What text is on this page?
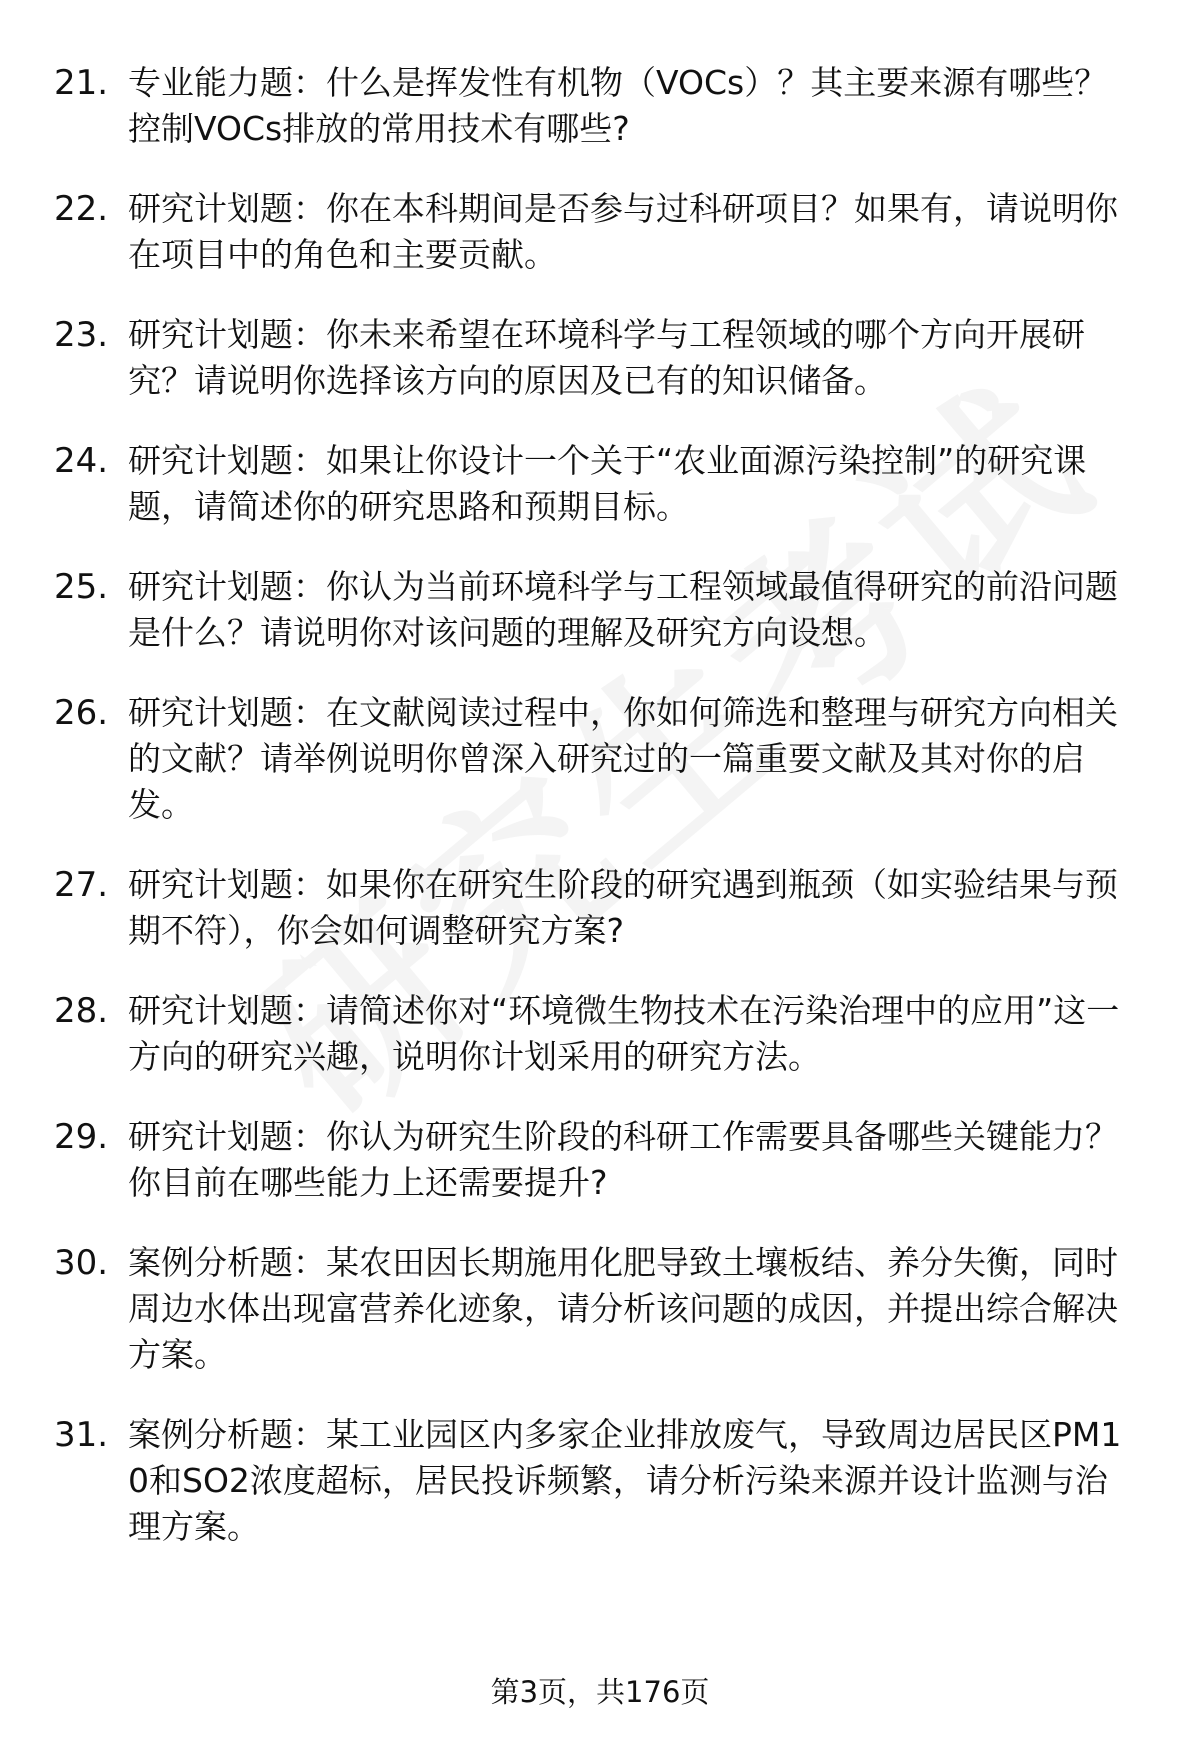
21. 专业能力题：什么是挥发性有机物（VOCs）？其主要来源有哪些？控制VOCs排放的常用技术有哪些?
22. 研究计划题：你在本科期间是否参与过科研项目？如果有，请说明你在项目中的角色和主要贡献。
23. 研究计划题：你未来希望在环境科学与工程领域的哪个方向开展研究？请说明你选择该方向的原因及已有的知识储备。
24. 研究计划题：如果让你设计一个关于“农业面源污染控制”的研究课题，请简述你的研究思路和预期目标。
25. 研究计划题：你认为当前环境科学与工程领域最值得研究的前沿问题是什么？请说明你对该问题的理解及研究方向设想。
26. 研究计划题：在文献阅读过程中，你如何筛选和整理与研究方向相关的文献？请举例说明你曾深入研究过的一篇重要文献及其对你的启发。
27. 研究计划题：如果你在研究生阶段的研究遇到瓶颈（如实验结果与预期不符），你会如何调整研究方案?
28. 研究计划题：请简述你对“环境微生物技术在污染治理中的应用”这一方向的研究兴趣，说明你计划采用的研究方法。
29. 研究计划题：你认为研究生阶段的科研工作需要具备哪些关键能力？你目前在哪些能力上还需要提升?
30. 案例分析题：某农田因长期施用化肥导致土壤板结、养分失衡，同时周边水体出现富营养化迹象，请分析该问题的成因，并提出综合解决方案。
31. 案例分析题：某工业园区内多家企业排放废气，导致周边居民区PM10和SO2浓度超标，居民投诉频繁，请分析污染来源并设计监测与治理方案。
第3页，共176页
